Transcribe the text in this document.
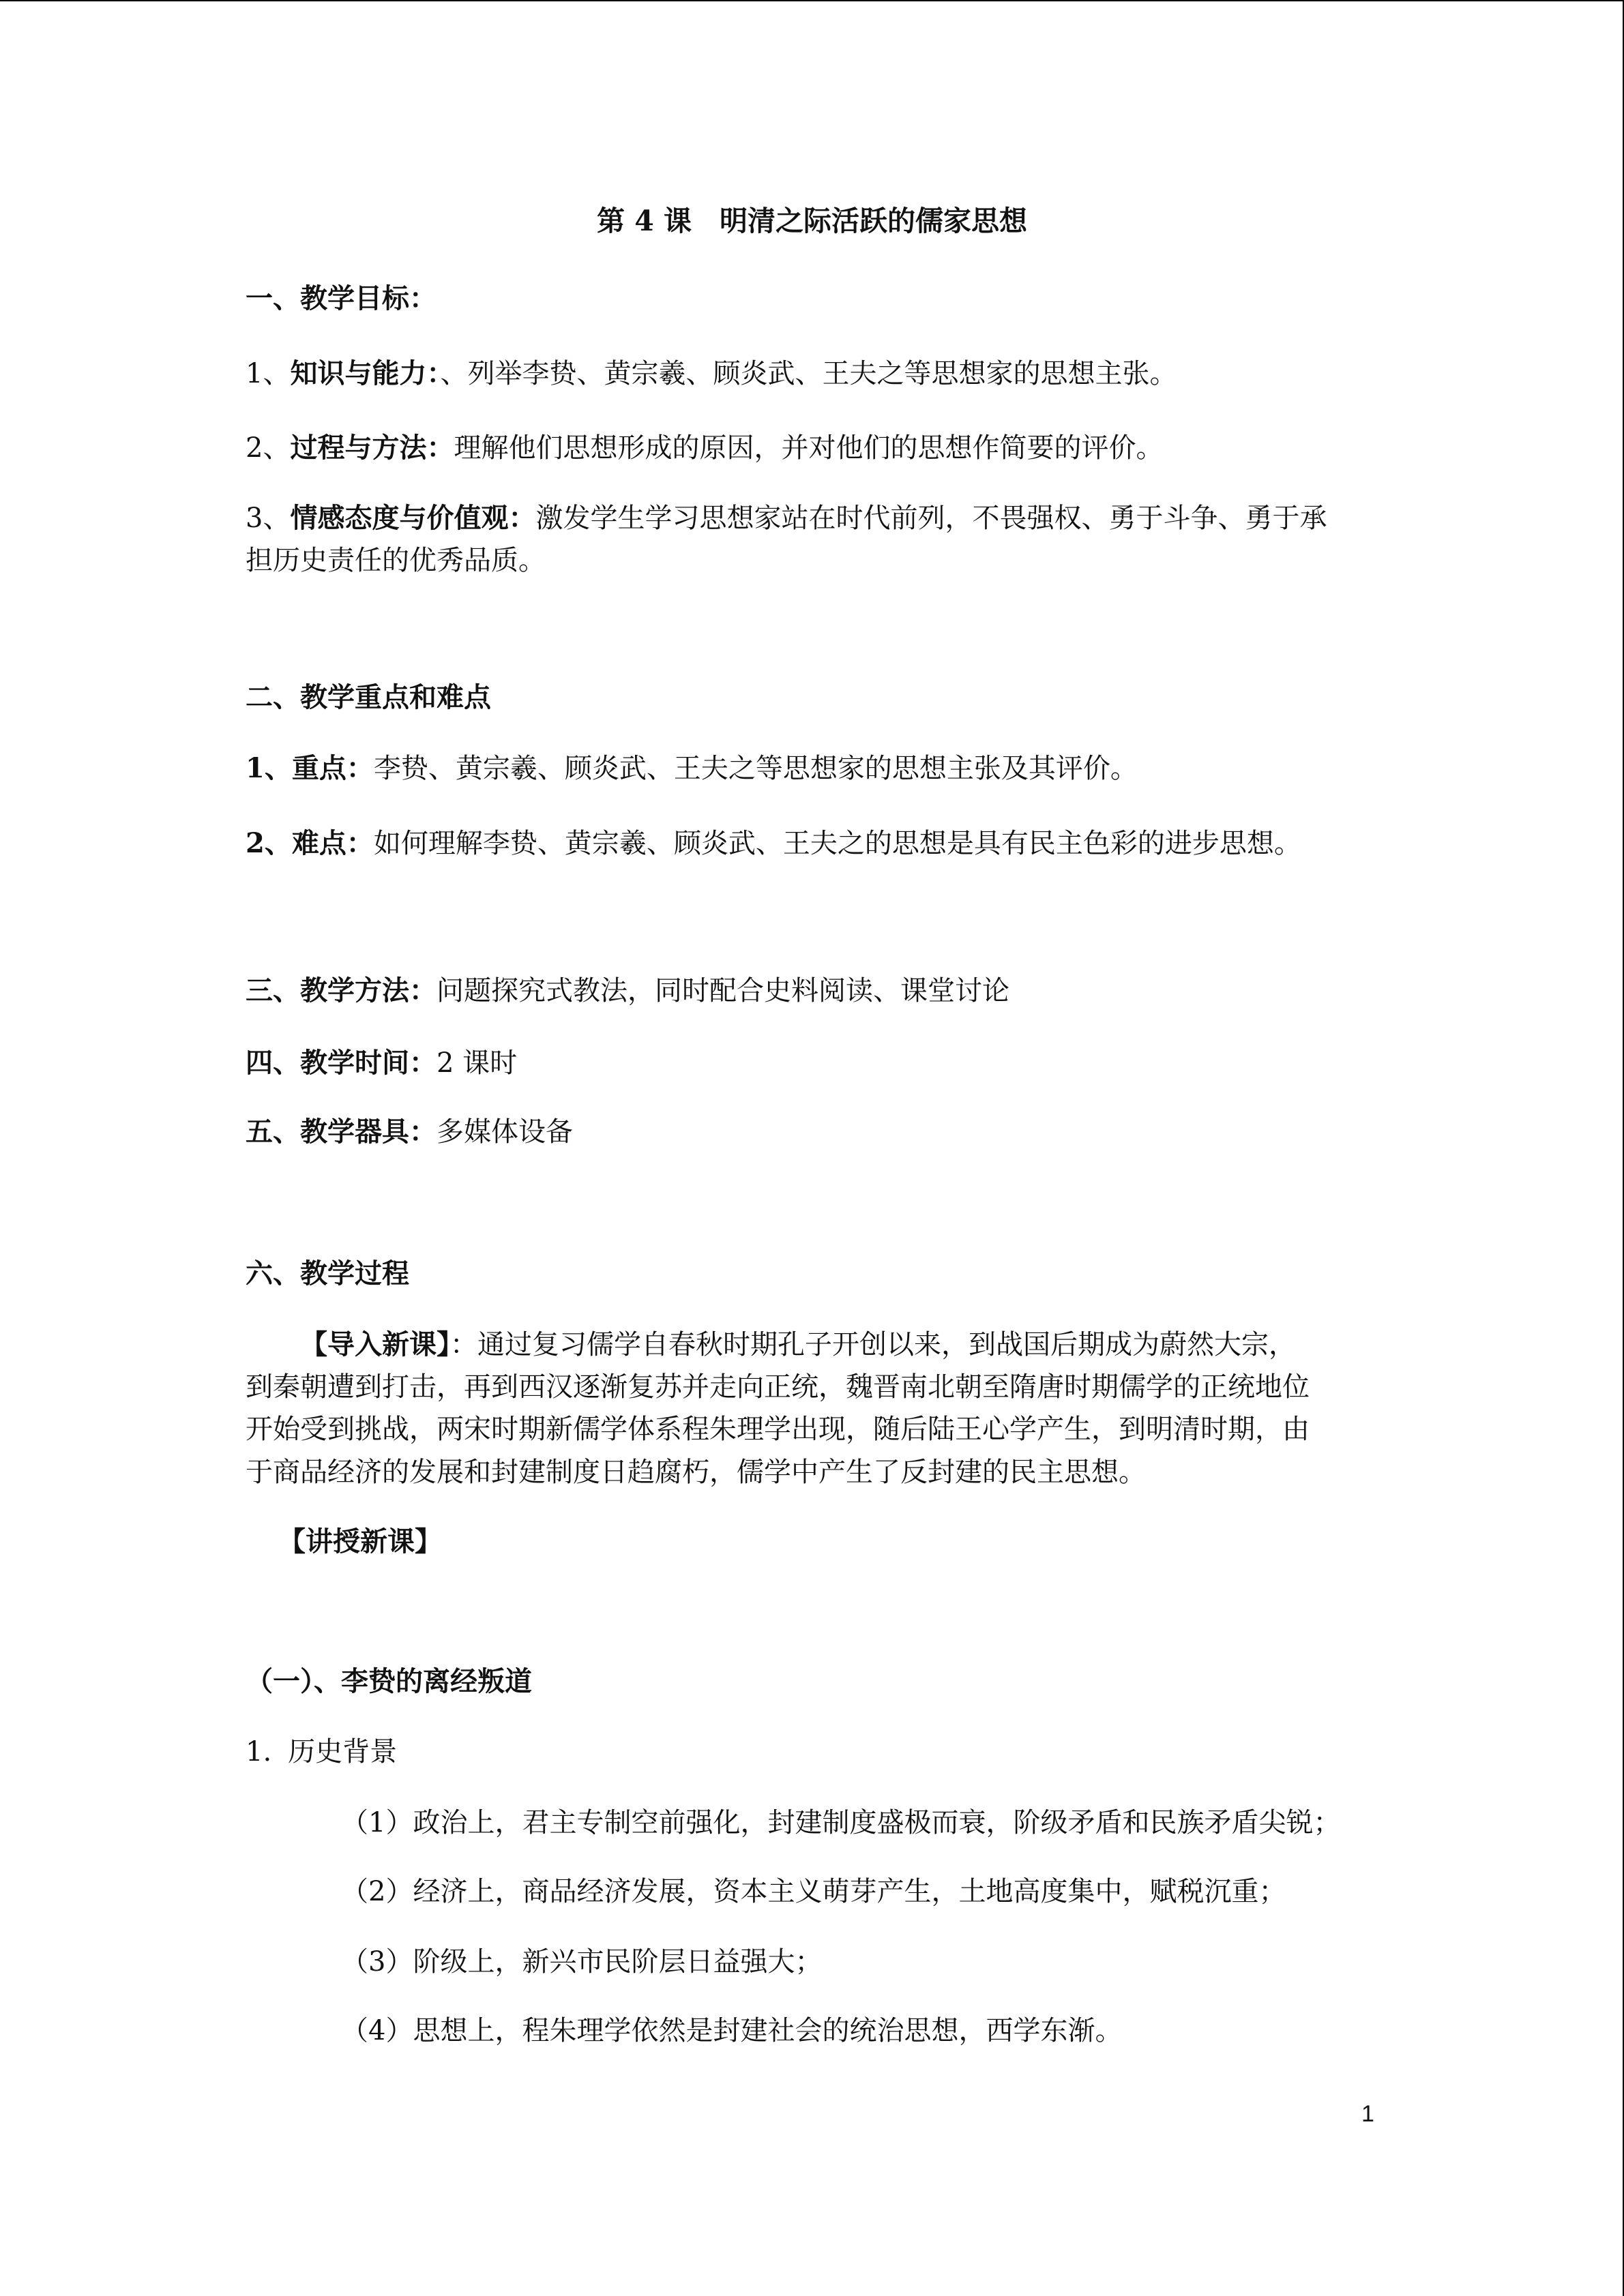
第 4 课　明清之际活跃的儒家思想
一、教学目标：
1、知识与能力：、列举李贽、黄宗羲、顾炎武、王夫之等思想家的思想主张。
2、过程与方法：理解他们思想形成的原因，并对他们的思想作简要的评价。
3、情感态度与价值观：激发学生学习思想家站在时代前列，不畏强权、勇于斗争、勇于承
担历史责任的优秀品质。
二、教学重点和难点
1、重点：李贽、黄宗羲、顾炎武、王夫之等思想家的思想主张及其评价。
2、难点：如何理解李贽、黄宗羲、顾炎武、王夫之的思想是具有民主色彩的进步思想。
三、教学方法：问题探究式教法，同时配合史料阅读、课堂讨论
四、教学时间：2 课时
五、教学器具：多媒体设备
六、教学过程
【导入新课】：通过复习儒学自春秋时期孔子开创以来，到战国后期成为蔚然大宗，
到秦朝遭到打击，再到西汉逐渐复苏并走向正统，魏晋南北朝至隋唐时期儒学的正统地位
开始受到挑战，两宋时期新儒学体系程朱理学出现，随后陆王心学产生，到明清时期，由
于商品经济的发展和封建制度日趋腐朽，儒学中产生了反封建的民主思想。
【讲授新课】
（一）、李贽的离经叛道
1. 历史背景
（1）政治上，君主专制空前强化，封建制度盛极而衰，阶级矛盾和民族矛盾尖锐；
（2）经济上，商品经济发展，资本主义萌芽产生，土地高度集中，赋税沉重；
（3）阶级上，新兴市民阶层日益强大；
（4）思想上，程朱理学依然是封建社会的统治思想，西学东渐。
1
